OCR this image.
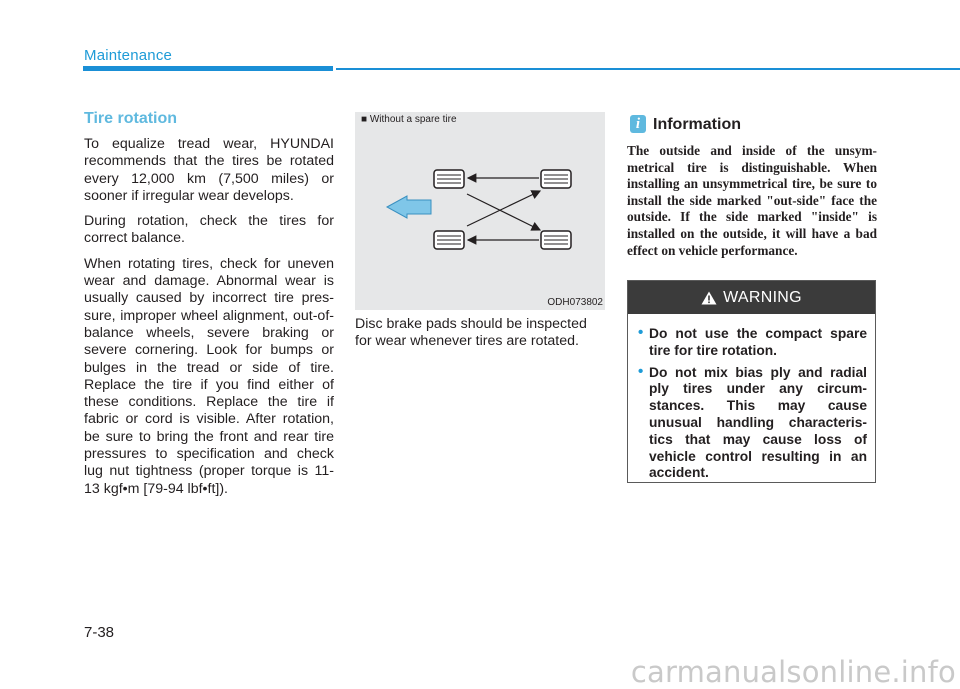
Maintenance
Tire rotation

To equalize tread wear, HYUNDAI recommends that the tires be rotated every 12,000 km (7,500 miles) or sooner if irregular wear develops.

During rotation, check the tires for correct balance.

When rotating tires, check for uneven wear and damage. Abnormal wear is usually caused by incorrect tire pres-sure, improper wheel alignment, out-of-balance wheels, severe braking or severe cornering. Look for bumps or bulges in the tread or side of tire. Replace the tire if you find either of these conditions. Replace the tire if fabric or cord is visible. After rotation, be sure to bring the front and rear tire pressures to specification and check lug nut tightness (proper torque is 11-13 kgf•m [79-94 lbf•ft]).

■ Without a spare tire
ODH073802
Disc brake pads should be inspected for wear whenever tires are rotated.
i Information
The outside and inside of the unsym-metrical tire is distinguishable. When installing an unsymmetrical tire, be sure to install the side marked "out-side" face the outside. If the side marked "inside" is installed on the outside, it will have a bad effect on vehicle performance.
WARNING
• Do not use the compact spare tire for tire rotation.
• Do not mix bias ply and radial ply tires under any circum-stances. This may cause unusual handling characteris-tics that may cause loss of vehicle control resulting in an accident.
7-38
carmanualsonline.info
